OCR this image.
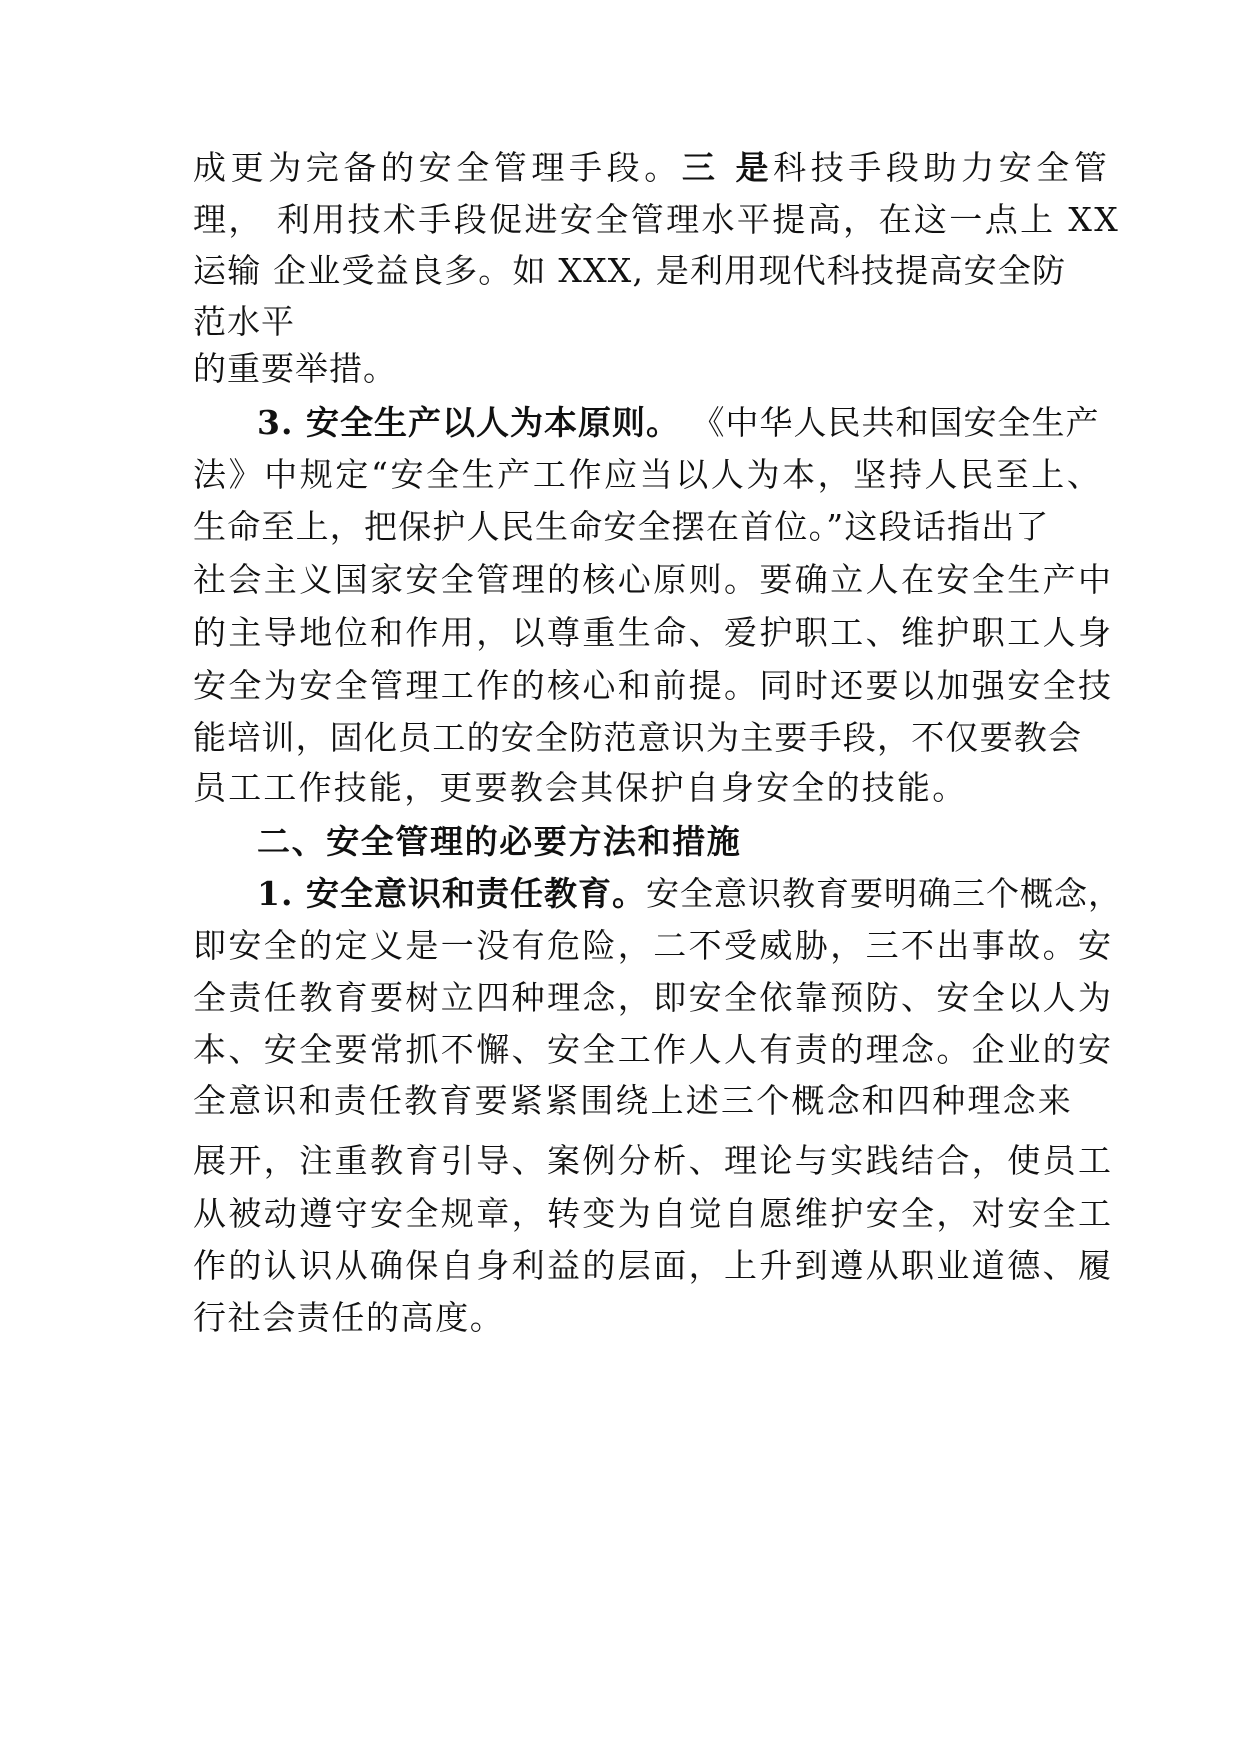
成更为完备的安全管理手段。三 是科技手段助力安全管
理， 利用技术手段促进安全管理水平提高，在这一点上 XX
运输 企业受益良多。如 XXX, 是利用现代科技提高安全防
范水平
的重要举措。
3. 安全生产以人为本原则。 《中华人民共和国安全生产
法》中规定“安全生产工作应当以人为本，坚持人民至上、
生命至上，把保护人民生命安全摆在首位。”这段话指出了
社会主义国家安全管理的核心原则。要确立人在安全生产中
的主导地位和作用，以尊重生命、爱护职工、维护职工人身
安全为安全管理工作的核心和前提。同时还要以加强安全技
能培训，固化员工的安全防范意识为主要手段，不仅要教会
员工工作技能，更要教会其保护自身安全的技能。
二、安全管理的必要方法和措施
1. 安全意识和责任教育。安全意识教育要明确三个概念，
即安全的定义是一没有危险，二不受威胁，三不出事故。安
全责任教育要树立四种理念，即安全依靠预防、安全以人为
本、安全要常抓不懈、安全工作人人有责的理念。企业的安
全意识和责任教育要紧紧围绕上述三个概念和四种理念来
展开，注重教育引导、案例分析、理论与实践结合，使员工
从被动遵守安全规章，转变为自觉自愿维护安全，对安全工
作的认识从确保自身利益的层面，上升到遵从职业道德、履
行社会责任的高度。
